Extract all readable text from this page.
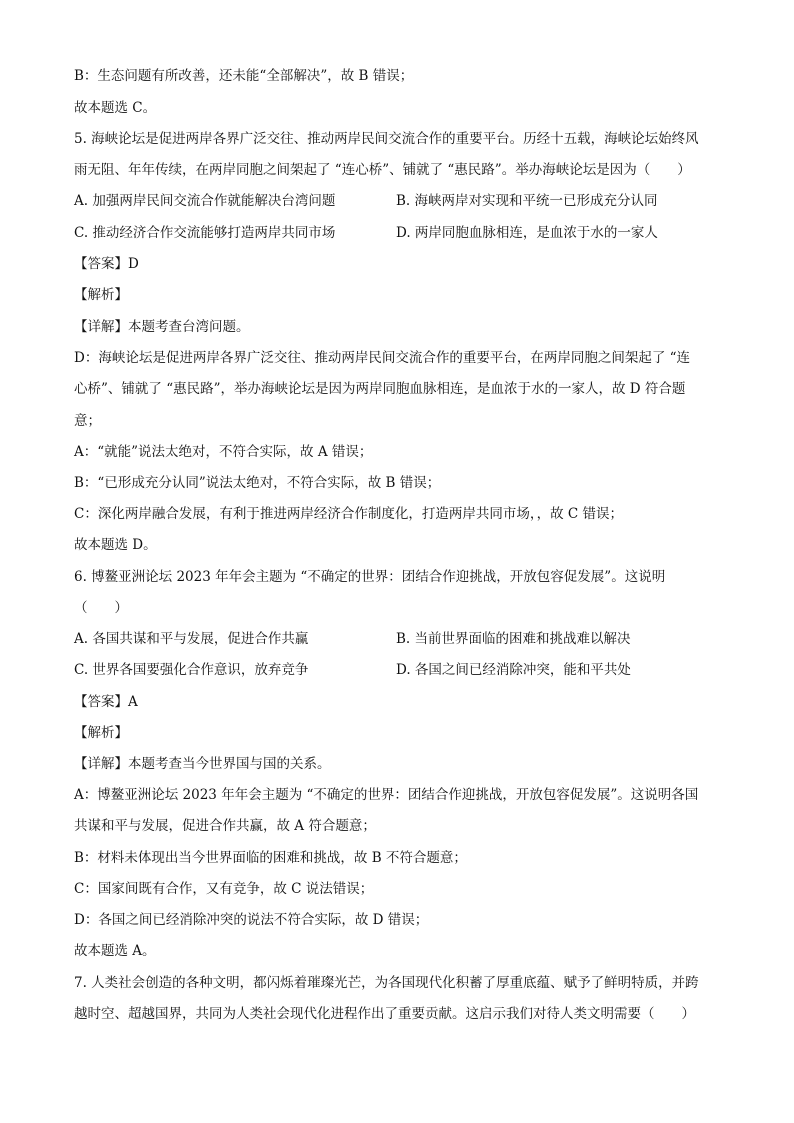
B：生态问题有所改善，还未能“全部解决”，故 B 错误；
故本题选 C。
5. 海峡论坛是促进两岸各界广泛交往、推动两岸民间交流合作的重要平台。历经十五载，海峡论坛始终风
雨无阻、年年传续，在两岸同胞之间架起了 “连心桥”、铺就了 “惠民路”。举办海峡论坛是因为（　　）
A. 加强两岸民间交流合作就能解决台湾问题	B. 海峡两岸对实现和平统一已形成充分认同
C. 推动经济合作交流能够打造两岸共同市场	D. 两岸同胞血脉相连，是血浓于水的一家人
【答案】D
【解析】
【详解】本题考查台湾问题。
D：海峡论坛是促进两岸各界广泛交往、推动两岸民间交流合作的重要平台，在两岸同胞之间架起了 “连
心桥”、铺就了 “惠民路”，举办海峡论坛是因为两岸同胞血脉相连，是血浓于水的一家人，故 D 符合题
意；
A：“就能”说法太绝对，不符合实际，故 A 错误；
B：“已形成充分认同”说法太绝对，不符合实际，故 B 错误；
C：深化两岸融合发展，有利于推进两岸经济合作制度化，打造两岸共同市场，，故 C 错误；
故本题选 D。
6. 博鳌亚洲论坛 2023 年年会主题为 “不确定的世界：团结合作迎挑战，开放包容促发展”。这说明
（　　）
A. 各国共谋和平与发展，促进合作共赢	B. 当前世界面临的困难和挑战难以解决
C. 世界各国要强化合作意识，放弃竞争	D. 各国之间已经消除冲突，能和平共处
【答案】A
【解析】
【详解】本题考查当今世界国与国的关系。
A：博鳌亚洲论坛 2023 年年会主题为 “不确定的世界：团结合作迎挑战，开放包容促发展”。这说明各国
共谋和平与发展，促进合作共赢，故 A 符合题意；
B：材料未体现出当今世界面临的困难和挑战，故 B 不符合题意；
C：国家间既有合作，又有竞争，故 C 说法错误；
D：各国之间已经消除冲突的说法不符合实际，故 D 错误；
故本题选 A。
7. 人类社会创造的各种文明，都闪烁着璀璨光芒，为各国现代化积蓄了厚重底蕴、赋予了鲜明特质，并跨
越时空、超越国界，共同为人类社会现代化进程作出了重要贡献。这启示我们对待人类文明需要（　　）
